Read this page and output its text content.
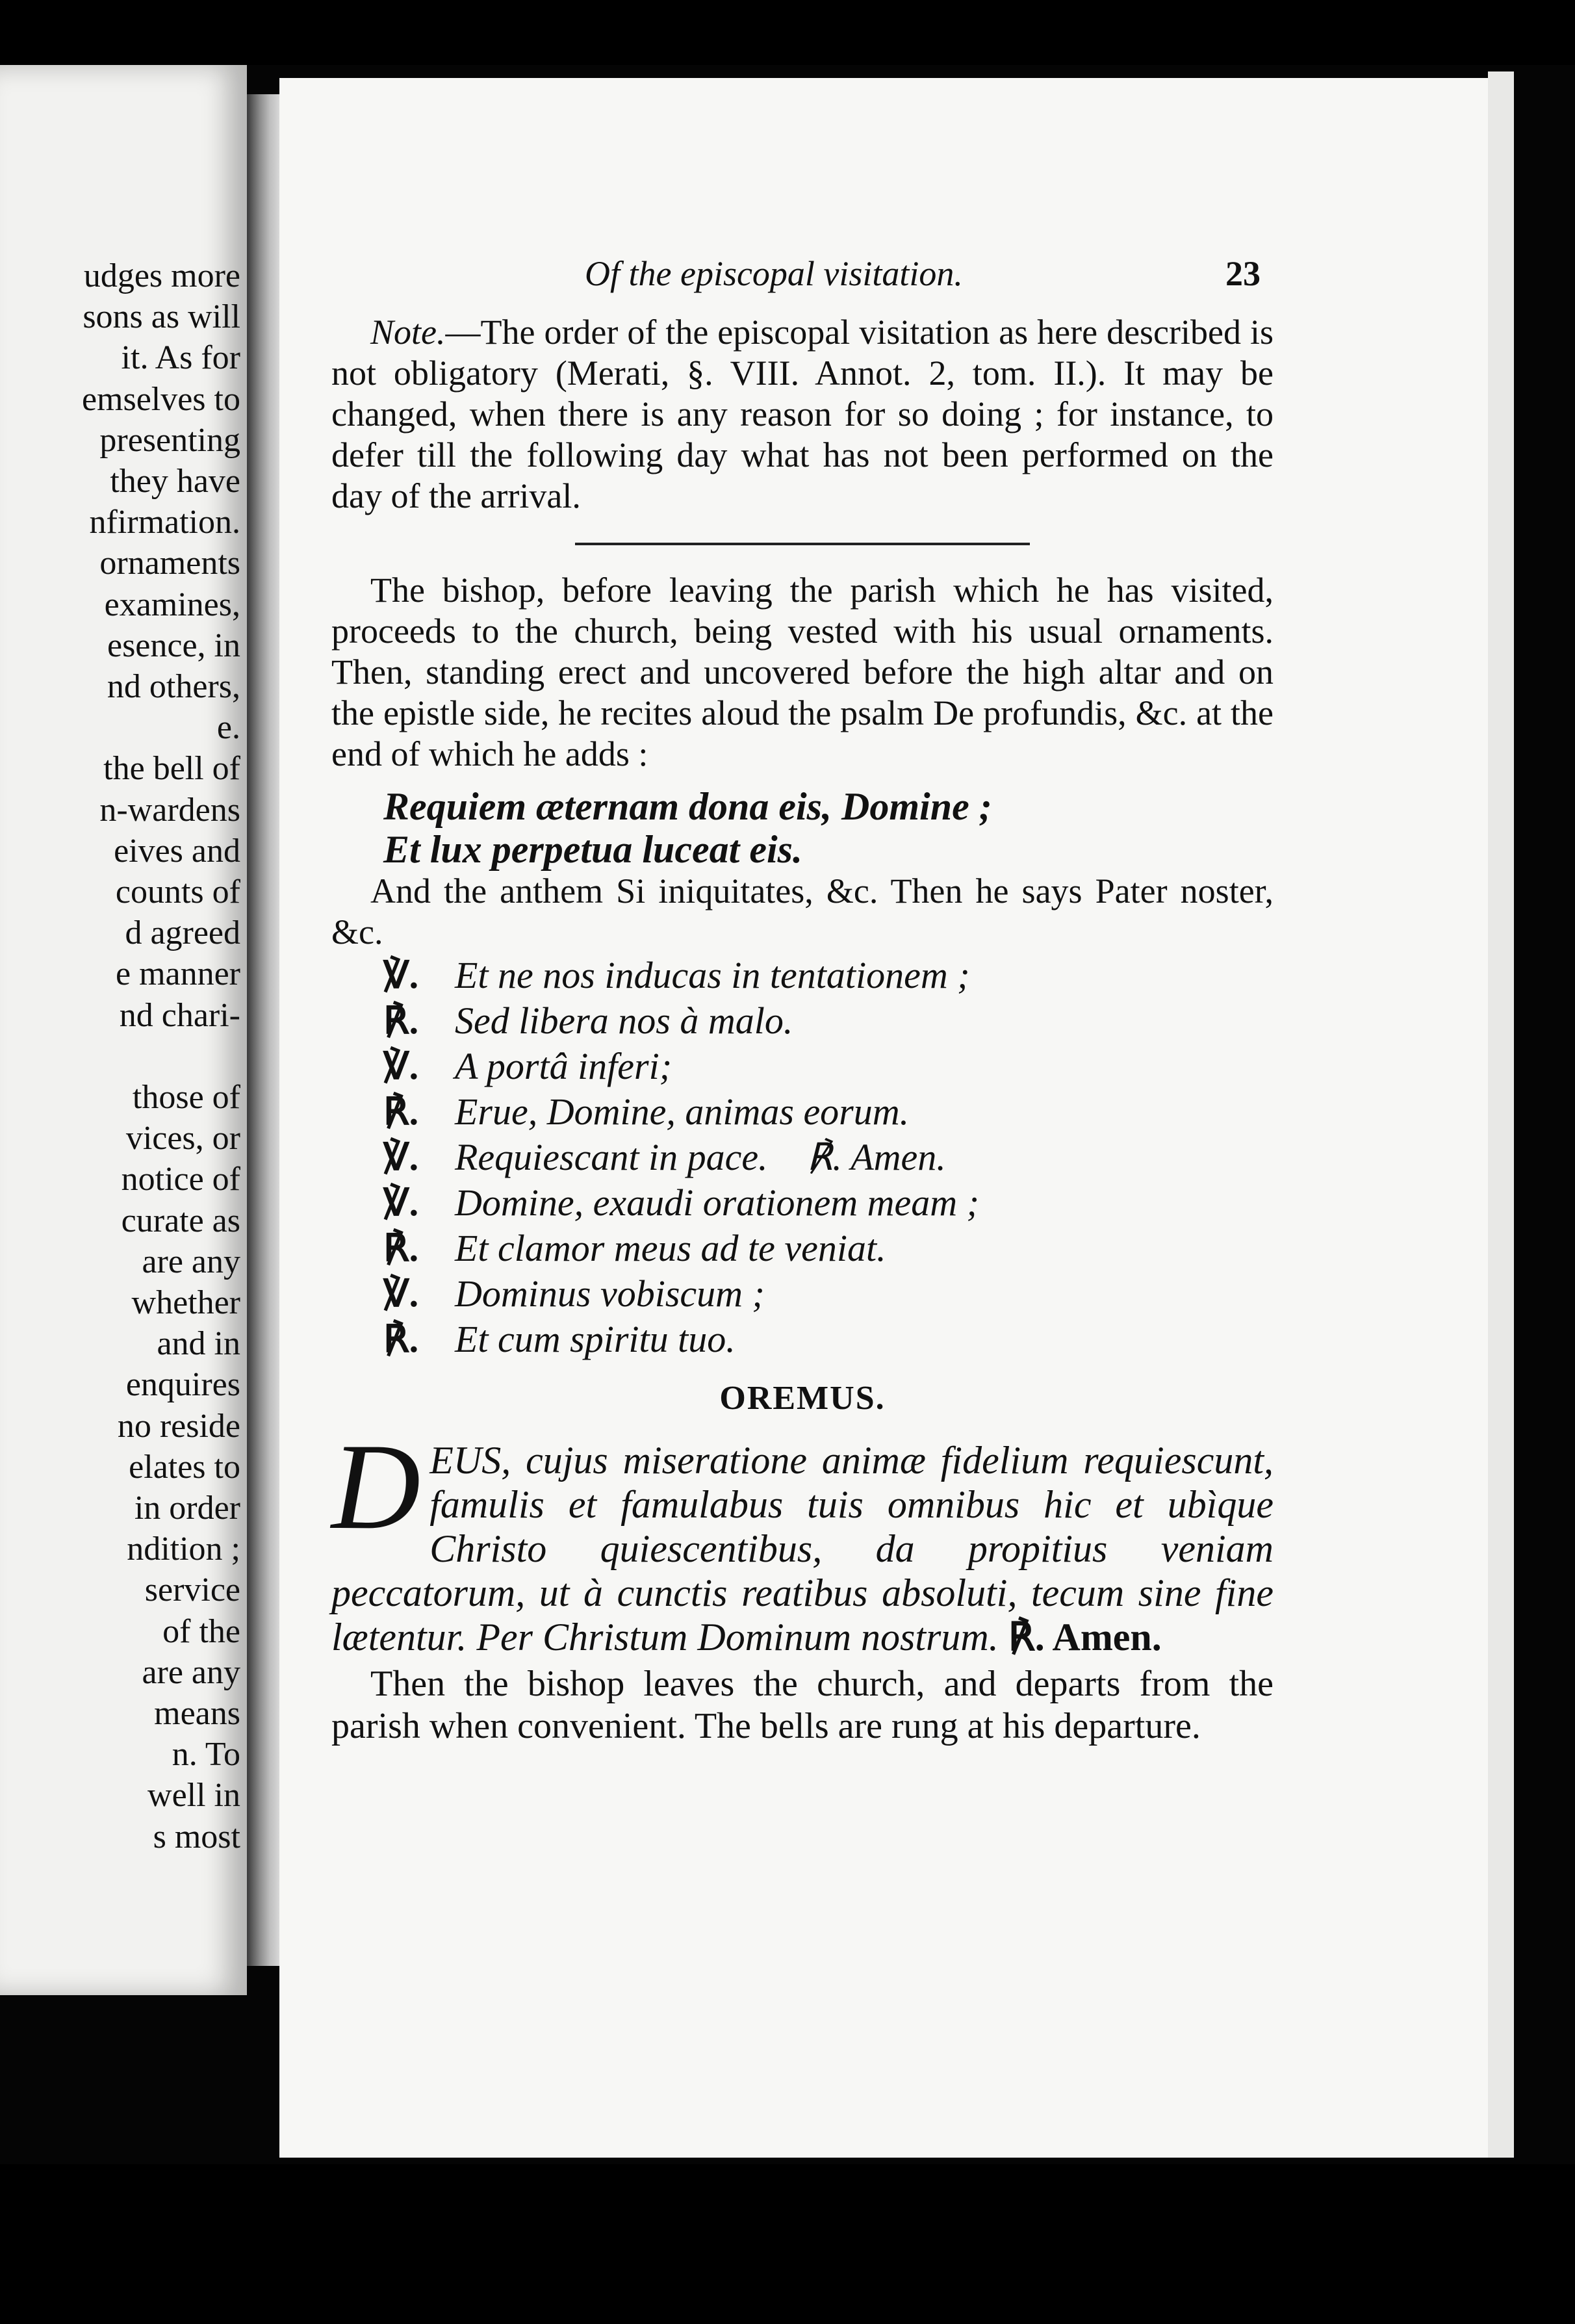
udges more
sons as will
it. As for
emselves to
presenting
they have
nfirmation.
ornaments
examines,
esence, in
nd others,
e.
the bell of
n-wardens
eives and
counts of
d agreed
e manner
nd chari-
those of
vices, or
notice of
curate as
are any
whether
and in
enquires
no reside
elates to
in order
ndition ;
service
of the
are any
means
n. To
well in
s most
Of the episcopal visitation.	23

Note.—The order of the episcopal visitation as here described is not obligatory (Merati, §. VIII. Annot. 2, tom. II.). It may be changed, when there is any reason for so doing ; for instance, to defer till the following day what has not been performed on the day of the arrival.

The bishop, before leaving the parish which he has visited, proceeds to the church, being vested with his usual ornaments. Then, standing erect and uncovered before the high altar and on the epistle side, he recites aloud the psalm De profundis, &c. at the end of which he adds :

Requiem æternam dona eis, Domine ;

Et lux perpetua luceat eis.

And the anthem Si iniquitates, &c. Then he says Pater noster, &c.

℣. Et ne nos inducas in tentationem ;

℟. Sed libera nos à malo.

℣. A portâ inferi;

℟. Erue, Domine, animas eorum.

℣. Requiescant in pace. ℟. Amen.

℣. Domine, exaudi orationem meam ;

℟. Et clamor meus ad te veniat.

℣. Dominus vobiscum ;

℟. Et cum spiritu tuo.

OREMUS.

DEUS, cujus miseratione animæ fidelium requiescunt, famulis et famulabus tuis omnibus hic et ubìque Christo quiescentibus, da propitius veniam peccatorum, ut à cunctis reatibus absoluti, tecum sine fine lætentur. Per Christum Dominum nostrum. ℟. Amen.

Then the bishop leaves the church, and departs from the parish when convenient. The bells are rung at his departure.
